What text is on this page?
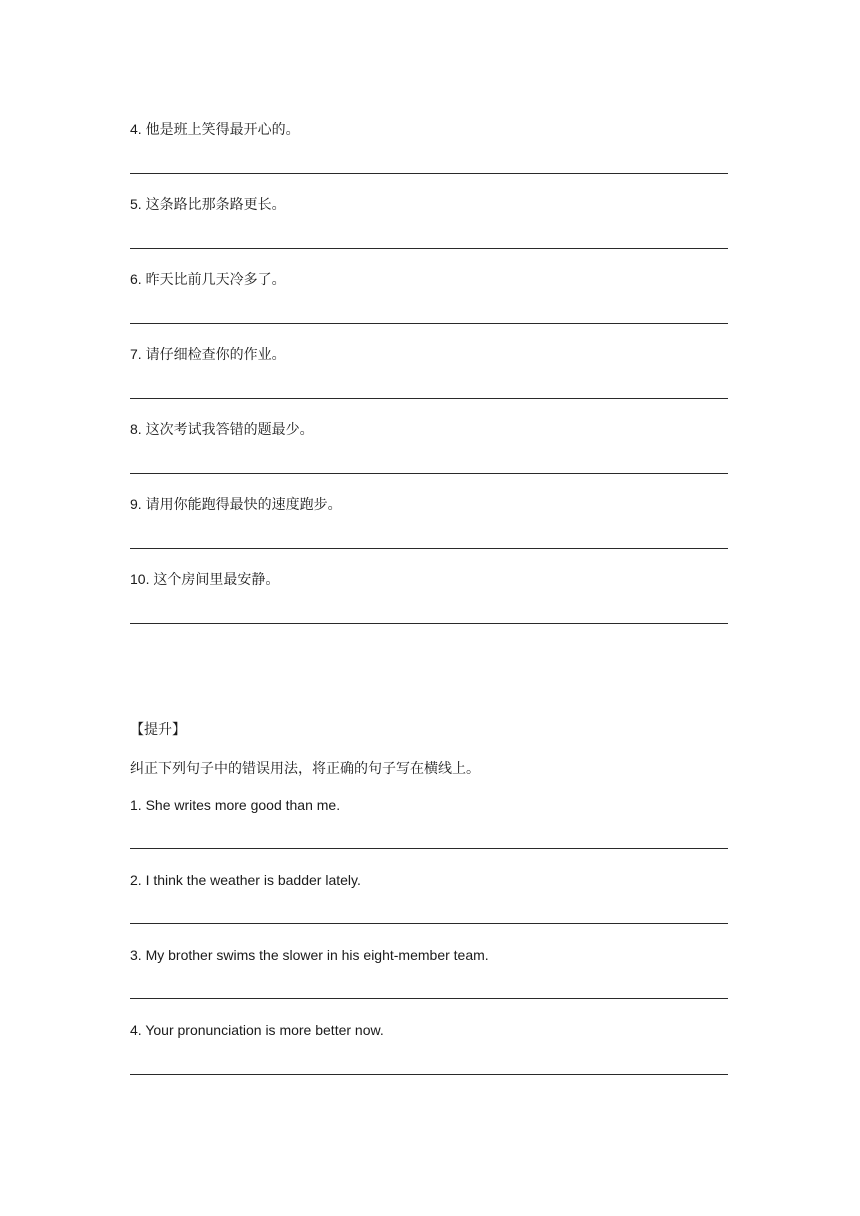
4. 他是班上笑得最开心的。
5. 这条路比那条路更长。
6. 昨天比前几天冷多了。
7. 请仔细检查你的作业。
8. 这次考试我答错的题最少。
9. 请用你能跑得最快的速度跑步。
10. 这个房间里最安静。
【提升】
纠正下列句子中的错误用法，将正确的句子写在横线上。
1. She writes more good than me.
2. I think the weather is badder lately.
3. My brother swims the slower in his eight-member team.
4. Your pronunciation is more better now.
